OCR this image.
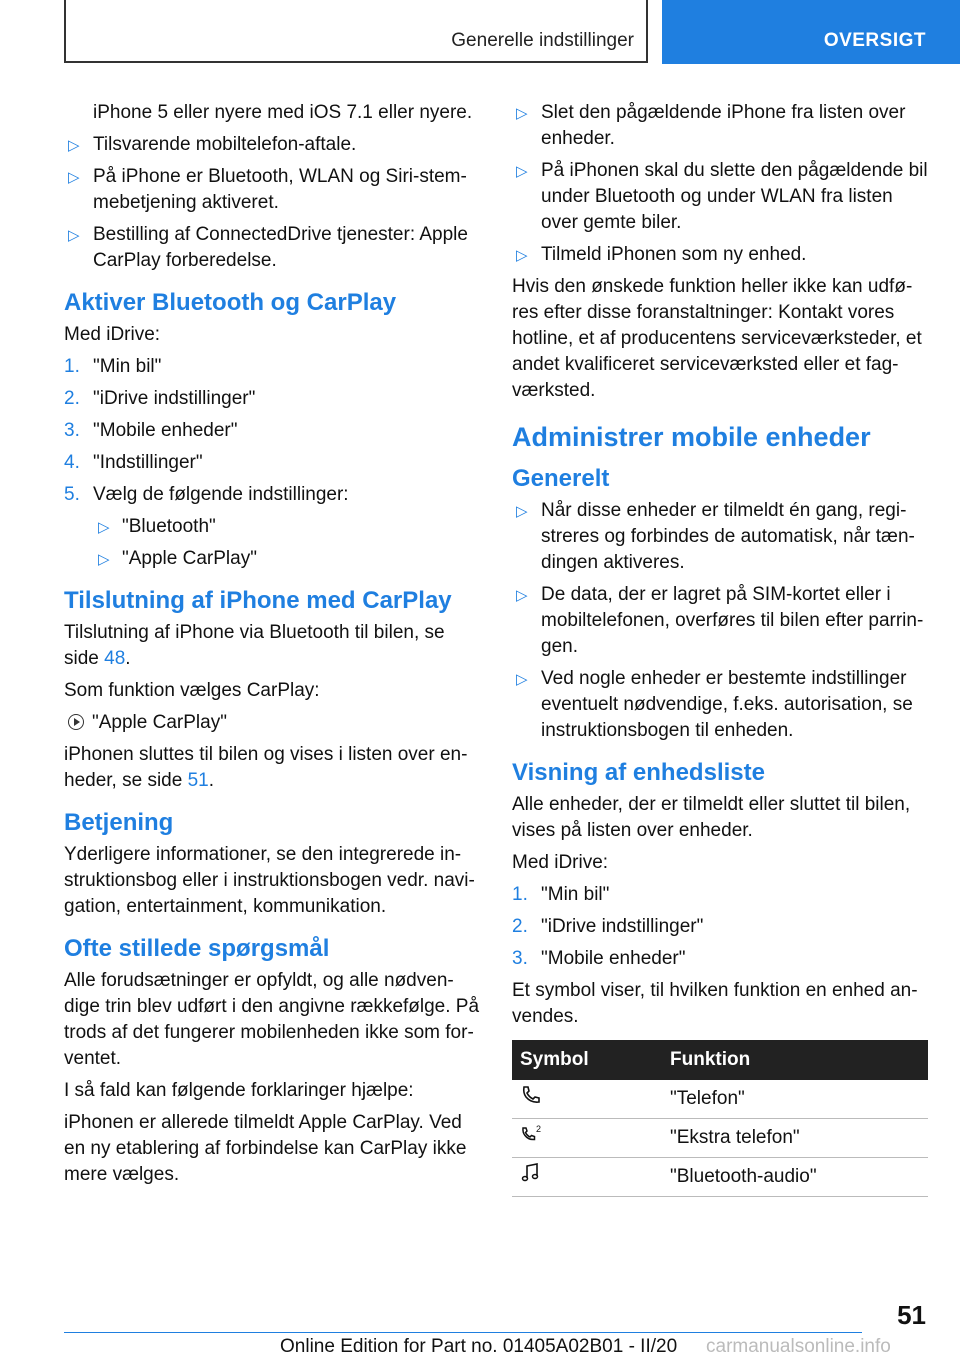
Generelle indstillinger	OVERSIGT

iPhone 5 eller nyere med iOS 7.1 eller nyere.

▷ Tilsvarende mobiltelefon-aftale.
▷ På iPhone er Bluetooth, WLAN og Siri-stemmebetjening aktiveret.
▷ Bestilling af ConnectedDrive tjenester: Apple CarPlay forberedelse.
Aktiver Bluetooth og CarPlay

Med iDrive:

1. "Min bil"
2. "iDrive indstillinger"
3. "Mobile enheder"
4. "Indstillinger"
5. Vælg de følgende indstillinger:
▷ "Bluetooth"
▷ "Apple CarPlay"
Tilslutning af iPhone med CarPlay

Tilslutning af iPhone via Bluetooth til bilen, se side 48.

Som funktion vælges CarPlay:

"Apple CarPlay"

iPhonen sluttes til bilen og vises i listen over enheder, se side 51.

Betjening

Yderligere informationer, se den integrerede instruktionsbog eller i instruktionsbogen vedr. navigation, entertainment, kommunikation.

Ofte stillede spørgsmål

Alle forudsætninger er opfyldt, og alle nødvendige trin blev udført i den angivne rækkefølge. På trods af det fungerer mobilenheden ikke som forventet.

I så fald kan følgende forklaringer hjælpe:

iPhonen er allerede tilmeldt Apple CarPlay. Ved en ny etablering af forbindelse kan CarPlay ikke mere vælges.

▷ Slet den pågældende iPhone fra listen over enheder.
▷ På iPhonen skal du slette den pågældende bil under Bluetooth og under WLAN fra listen over gemte biler.
▷ Tilmeld iPhonen som ny enhed.

Hvis den ønskede funktion heller ikke kan udføres efter disse foranstaltninger: Kontakt vores hotline, et af producentens serviceværksteder, et andet kvalificeret serviceværksted eller et fagværksted.

Administrer mobile enheder
Generelt
▷ Når disse enheder er tilmeldt én gang, registreres og forbindes de automatisk, når tændingen aktiveres.
▷ De data, der er lagret på SIM-kortet eller i mobiltelefonen, overføres til bilen efter parringen.
▷ Ved nogle enheder er bestemte indstillinger eventuelt nødvendige, f.eks. autorisation, se instruktionsbogen til enheden.
Visning af enhedsliste

Alle enheder, der er tilmeldt eller sluttet til bilen, vises på listen over enheder.

Med iDrive:

1. "Min bil"
2. "iDrive indstillinger"
3. "Mobile enheder"

Et symbol viser, til hvilken funktion en enhed anvendes.

Symbol	Funktion
	"Telefon"

2	"Ekstra telefon"
	"Bluetooth-audio"
51
Online Edition for Part no. 01405A02B01 - II/20 carmanualsonline.info
